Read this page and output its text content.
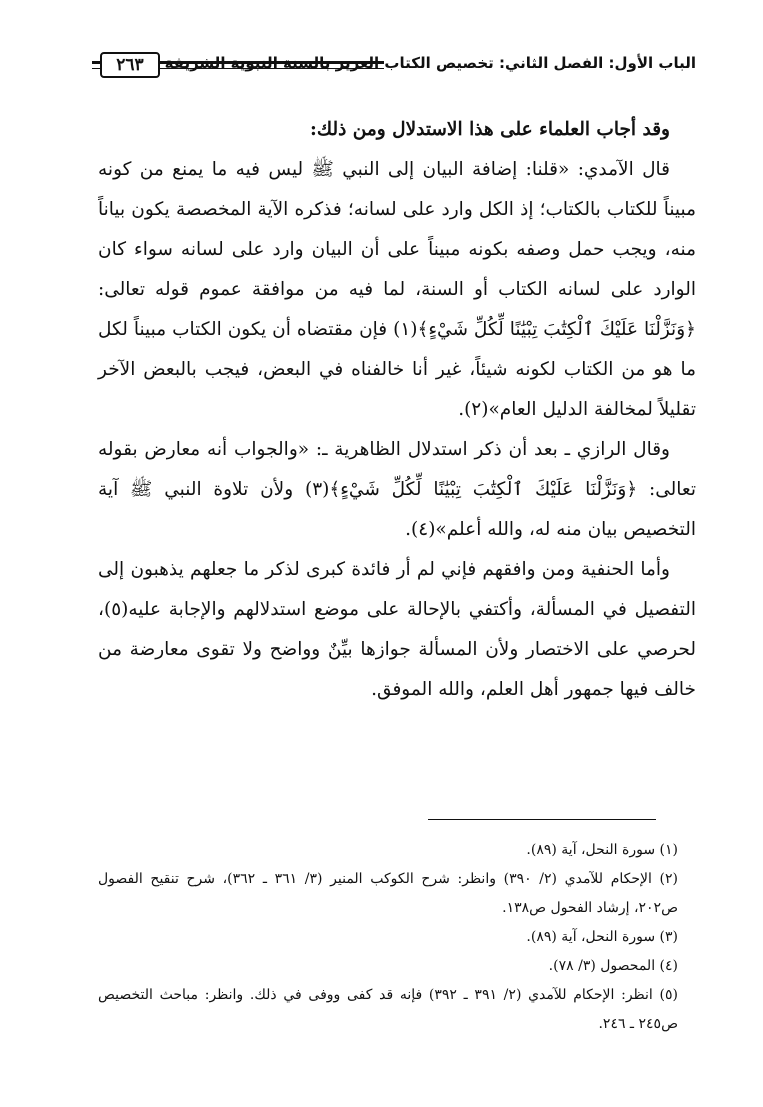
الباب الأول: الفصل الثاني: تخصيص الكتاب العزيز بالسنة النبوية الشريفة
٢٦٣

وقد أجاب العلماء على هذا الاستدلال ومن ذلك:

قال الآمدي: «قلنا: إضافة البيان إلى النبي ﷺ ليس فيه ما يمنع من كونه مبيناً للكتاب بالكتاب؛ إذ الكل وارد على لسانه؛ فذكره الآية المخصصة يكون بياناً منه، ويجب حمل وصفه بكونه مبيناً على أن البيان وارد على لسانه سواء كان الوارد على لسانه الكتاب أو السنة، لما فيه من موافقة عموم قوله تعالى: ﴿وَنَزَّلْنَا عَلَيْكَ ٱلْكِتَٰبَ تِبْيَٰنًا لِّكُلِّ شَيْءٍ﴾(١) فإن مقتضاه أن يكون الكتاب مبيناً لكل ما هو من الكتاب لكونه شيئاً، غير أنا خالفناه في البعض، فيجب بالبعض الآخر تقليلاً لمخالفة الدليل العام»(٢).

وقال الرازي ـ بعد أن ذكر استدلال الظاهرية ـ: «والجواب أنه معارض بقوله تعالى: ﴿وَنَزَّلْنَا عَلَيْكَ ٱلْكِتَٰبَ تِبْيَٰنًا لِّكُلِّ شَيْءٍ﴾(٣) ولأن تلاوة النبي ﷺ آية التخصيص بيان منه له، والله أعلم»(٤).

وأما الحنفية ومن وافقهم فإني لم أر فائدة كبرى لذكر ما جعلهم يذهبون إلى التفصيل في المسألة، وأكتفي بالإحالة على موضع استدلالهم والإجابة عليه(٥)، لحرصي على الاختصار ولأن المسألة جوازها بيِّنٌ وواضح ولا تقوى معارضة من خالف فيها جمهور أهل العلم، والله الموفق.

(١) سورة النحل، آية (٨٩).

(٢) الإحكام للآمدي (٢/ ٣٩٠) وانظر: شرح الكوكب المنير (٣/ ٣٦١ ـ ٣٦٢)، شرح تنقيح الفصول ص٢٠٢، إرشاد الفحول ص١٣٨.

(٣) سورة النحل، آية (٨٩).

(٤) المحصول (٣/ ٧٨).

(٥) انظر: الإحكام للآمدي (٢/ ٣٩١ ـ ٣٩٢) فإنه قد كفى ووفى في ذلك. وانظر: مباحث التخصيص ص٢٤٥ ـ ٢٤٦.
